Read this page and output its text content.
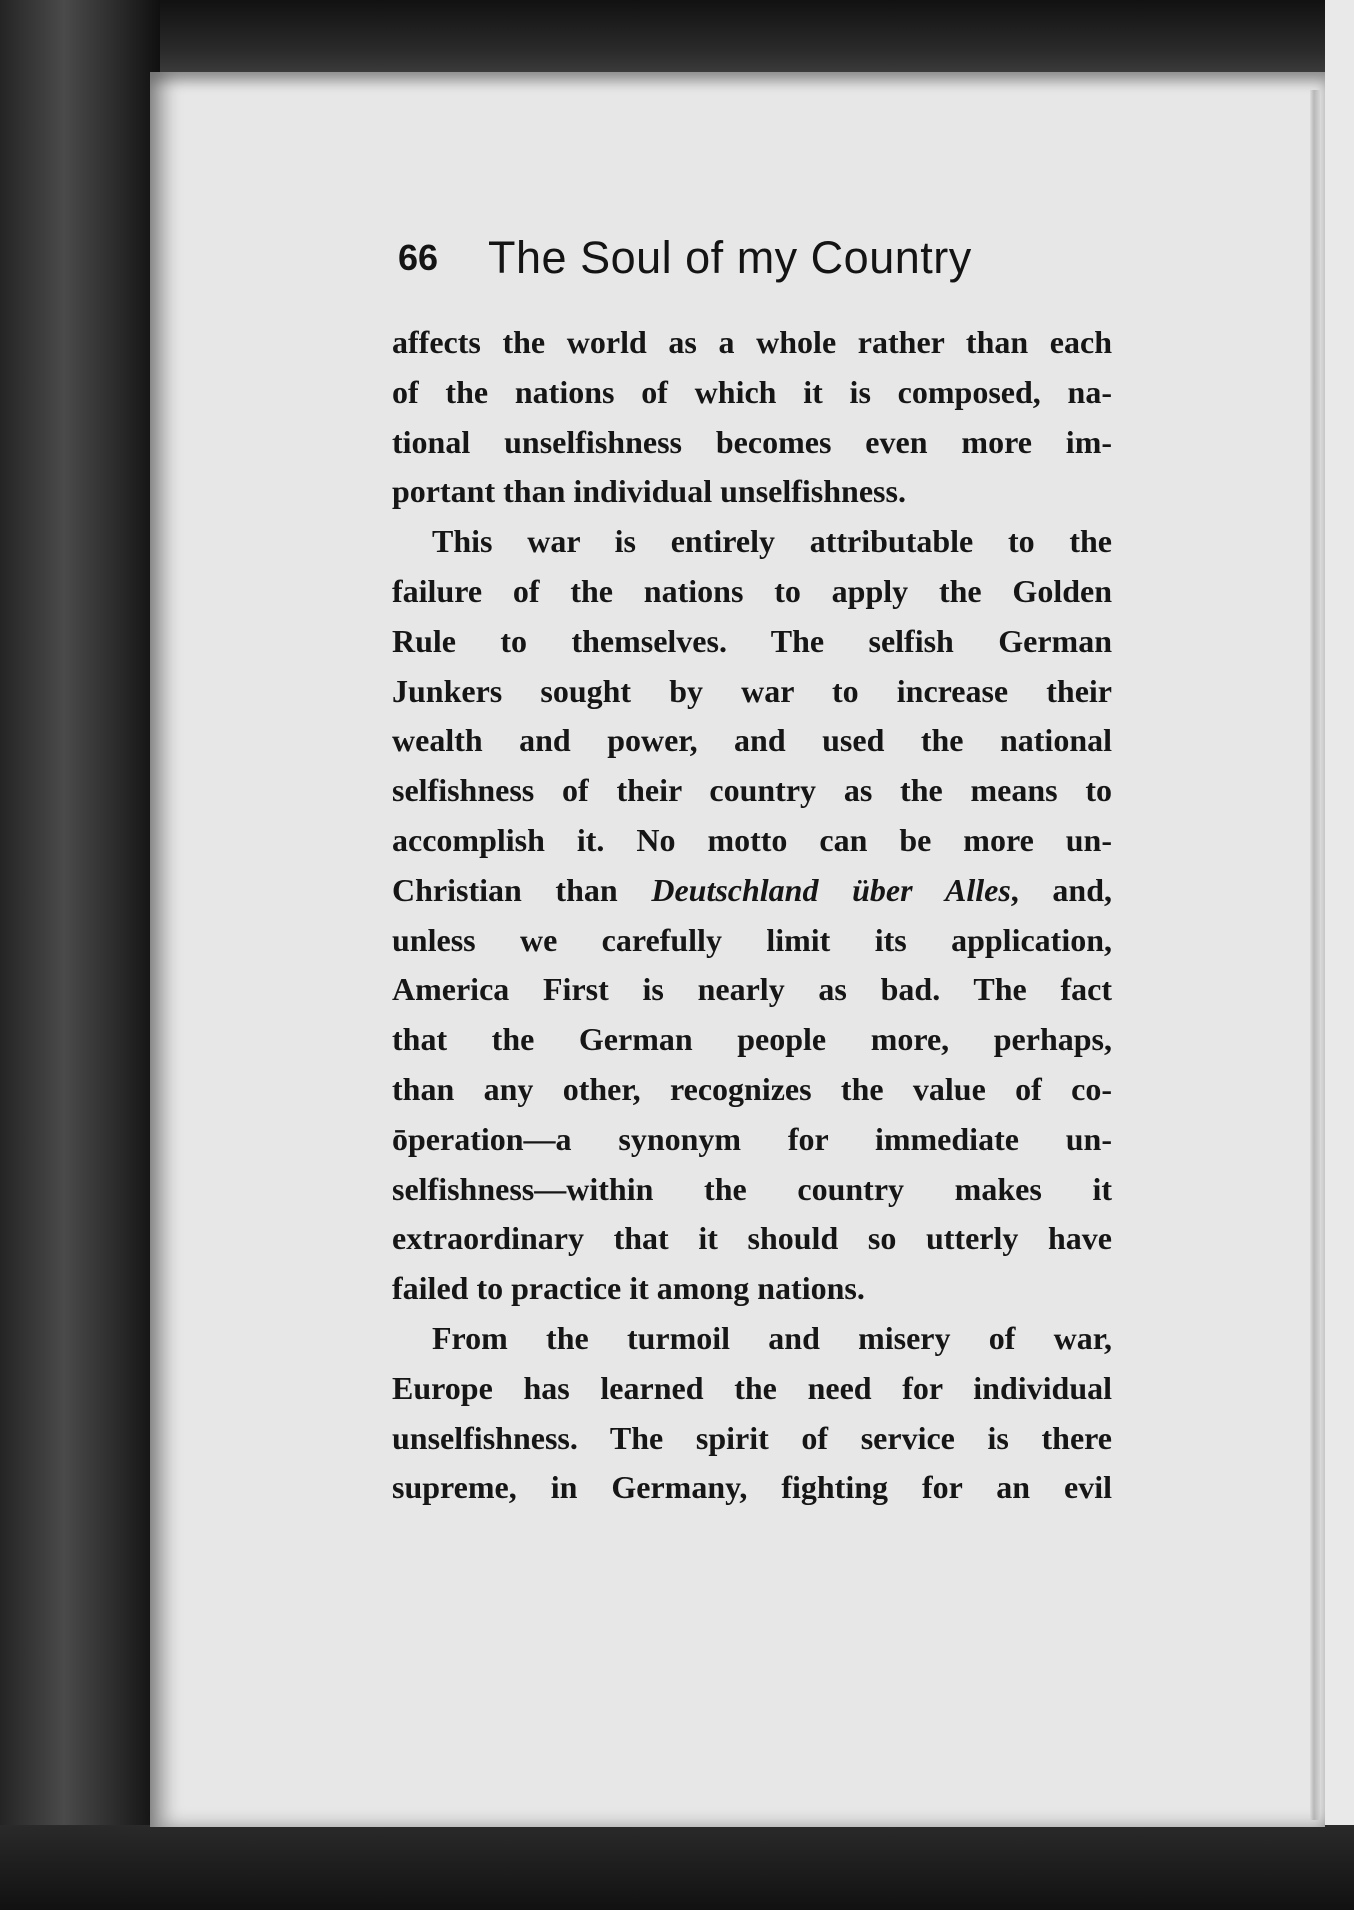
66 The Soul of my Country
affects the world as a whole rather than each
of the nations of which it is composed, na-
tional unselfishness becomes even more im-
portant than individual unselfishness.
This war is entirely attributable to the
failure of the nations to apply the Golden
Rule to themselves. The selfish German
Junkers sought by war to increase their
wealth and power, and used the national
selfishness of their country as the means to
accomplish it. No motto can be more un-
Christian than Deutschland über Alles, and,
unless we carefully limit its application,
America First is nearly as bad. The fact
that the German people more, perhaps,
than any other, recognizes the value of co-
ōperation—a synonym for immediate un-
selfishness—within the country makes it
extraordinary that it should so utterly have
failed to practice it among nations.
From the turmoil and misery of war,
Europe has learned the need for individual
unselfishness. The spirit of service is there
supreme, in Germany, fighting for an evil
